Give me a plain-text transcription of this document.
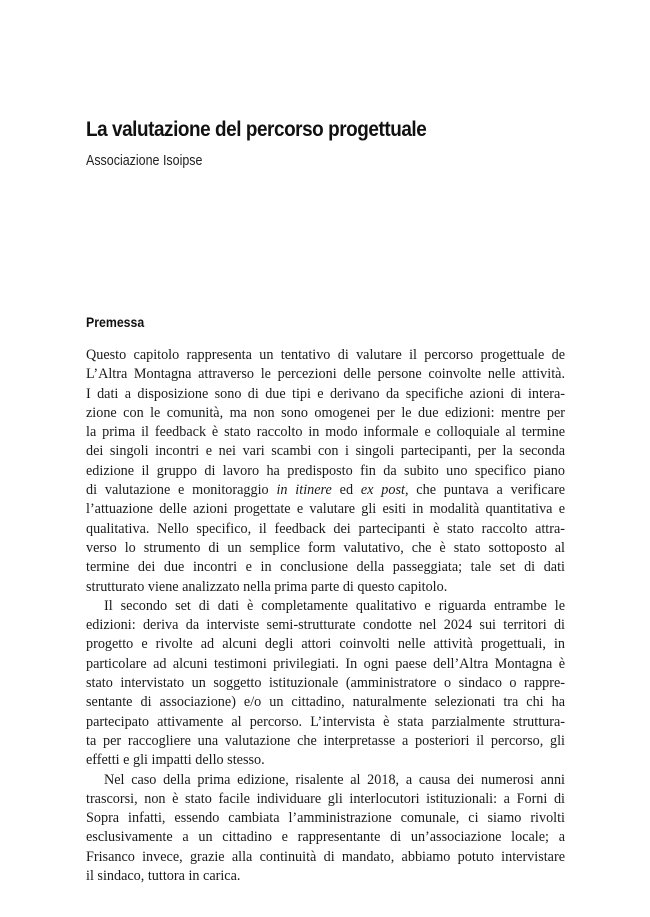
La valutazione del percorso progettuale

Associazione Isoipse

Premessa
Questo capitolo rappresenta un tentativo di valutare il percorso progettuale de
L’Altra Montagna attraverso le percezioni delle persone coinvolte nelle attività.
I dati a disposizione sono di due tipi e derivano da specifiche azioni di intera-
zione con le comunità, ma non sono omogenei per le due edizioni: mentre per
la prima il feedback è stato raccolto in modo informale e colloquiale al termine
dei singoli incontri e nei vari scambi con i singoli partecipanti, per la seconda
edizione il gruppo di lavoro ha predisposto fin da subito uno specifico piano
di valutazione e monitoraggio in itinere ed ex post, che puntava a verificare
l’attuazione delle azioni progettate e valutare gli esiti in modalità quantitativa e
qualitativa. Nello specifico, il feedback dei partecipanti è stato raccolto attra-
verso lo strumento di un semplice form valutativo, che è stato sottoposto al
termine dei due incontri e in conclusione della passeggiata; tale set di dati
strutturato viene analizzato nella prima parte di questo capitolo.
Il secondo set di dati è completamente qualitativo e riguarda entrambe le
edizioni: deriva da interviste semi-strutturate condotte nel 2024 sui territori di
progetto e rivolte ad alcuni degli attori coinvolti nelle attività progettuali, in
particolare ad alcuni testimoni privilegiati. In ogni paese dell’Altra Montagna è
stato intervistato un soggetto istituzionale (amministratore o sindaco o rappre-
sentante di associazione) e/o un cittadino, naturalmente selezionati tra chi ha
partecipato attivamente al percorso. L’intervista è stata parzialmente struttura-
ta per raccogliere una valutazione che interpretasse a posteriori il percorso, gli
effetti e gli impatti dello stesso.
Nel caso della prima edizione, risalente al 2018, a causa dei numerosi anni
trascorsi, non è stato facile individuare gli interlocutori istituzionali: a Forni di
Sopra infatti, essendo cambiata l’amministrazione comunale, ci siamo rivolti
esclusivamente a un cittadino e rappresentante di un’associazione locale; a
Frisanco invece, grazie alla continuità di mandato, abbiamo potuto intervistare
il sindaco, tuttora in carica.
